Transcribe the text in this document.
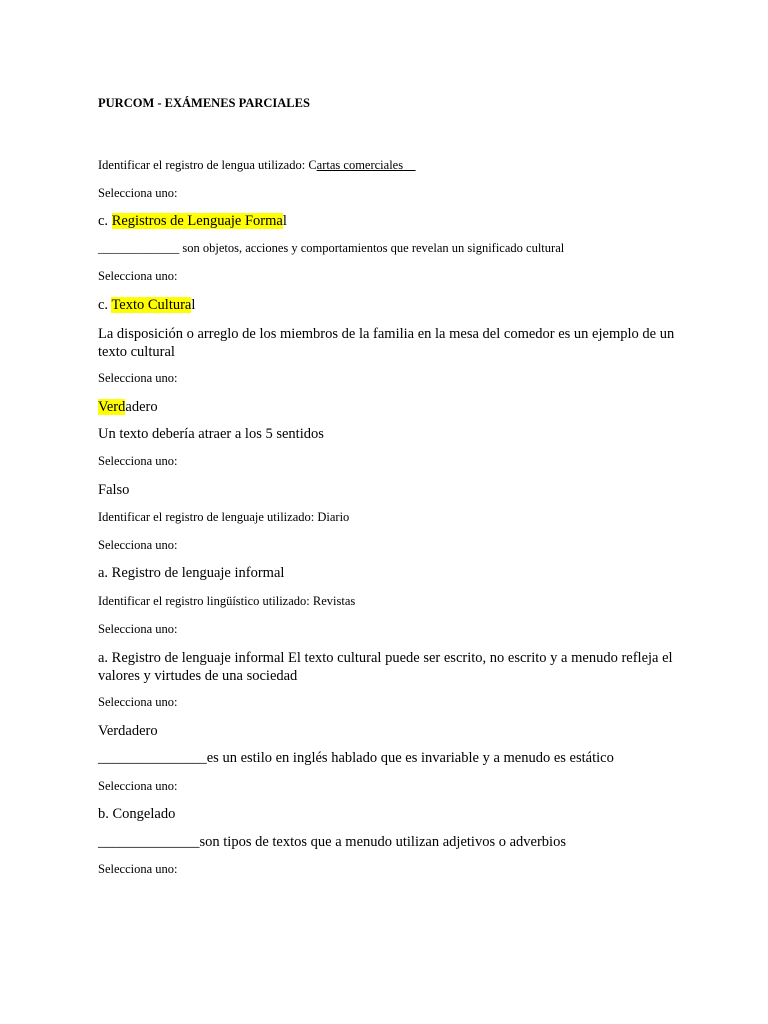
PURCOM - EXÁMENES PARCIALES
Identificar el registro de lengua utilizado: Cartas comerciales
Selecciona uno:
c. Registros de Lenguaje Formal
_____________ son objetos, acciones y comportamientos que revelan un significado cultural
Selecciona uno:
c. Texto Cultural
La disposición o arreglo de los miembros de la familia en la mesa del comedor es un ejemplo de un texto cultural
Selecciona uno:
Verdadero
Un texto debería atraer a los 5 sentidos
Selecciona uno:
Falso
Identificar el registro de lenguaje utilizado: Diario
Selecciona uno:
a. Registro de lenguaje informal
Identificar el registro lingüístico utilizado: Revistas
Selecciona uno:
a. Registro de lenguaje informal El texto cultural puede ser escrito, no escrito y a menudo refleja el valores y virtudes de una sociedad
Selecciona uno:
Verdadero
_______________es un estilo en inglés hablado que es invariable y a menudo es estático
Selecciona uno:
b. Congelado
______________son tipos de textos que a menudo utilizan adjetivos o adverbios
Selecciona uno:
